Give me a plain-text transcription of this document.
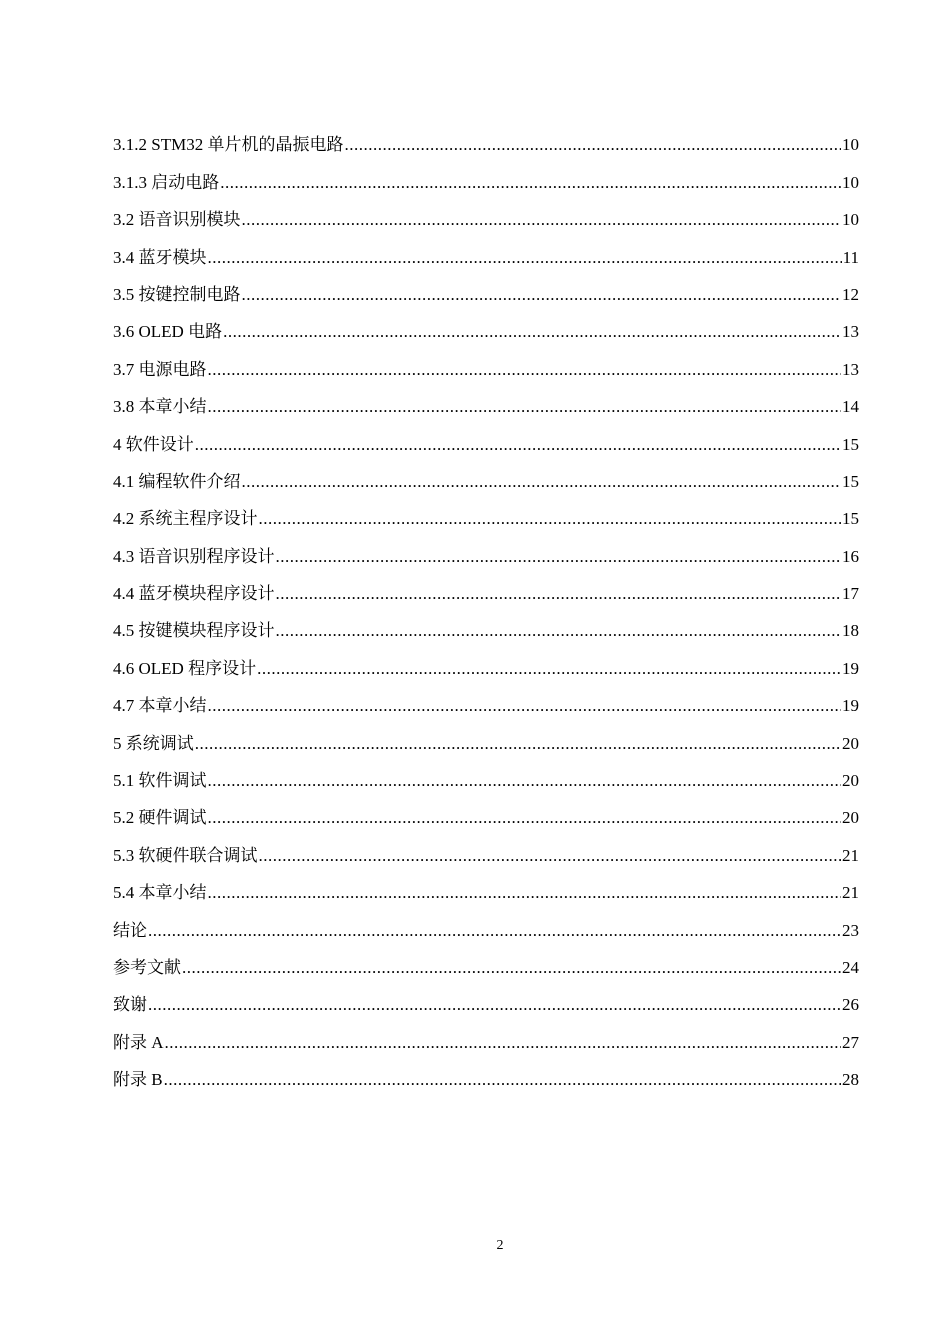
3.1.2 STM32 单片机的晶振电路 .....	10
3.1.3 启动电路 .....	10
3.2 语音识别模块 .....	10
3.4 蓝牙模块 .....	11
3.5 按键控制电路 .....	12
3.6 OLED 电路 .....	13
3.7 电源电路 .....	13
3.8 本章小结 .....	14
4 软件设计 .....	15
4.1 编程软件介绍 .....	15
4.2 系统主程序设计 .....	15
4.3 语音识别程序设计 .....	16
4.4 蓝牙模块程序设计 .....	17
4.5 按键模块程序设计 .....	18
4.6 OLED 程序设计 .....	19
4.7 本章小结 .....	19
5 系统调试 .....	20
5.1 软件调试 .....	20
5.2 硬件调试 .....	20
5.3 软硬件联合调试 .....	21
5.4 本章小结 .....	21
结论 .....	23
参考文献 .....	24
致谢 .....	26
附录 A .....	27
附录 B .....	28
2
